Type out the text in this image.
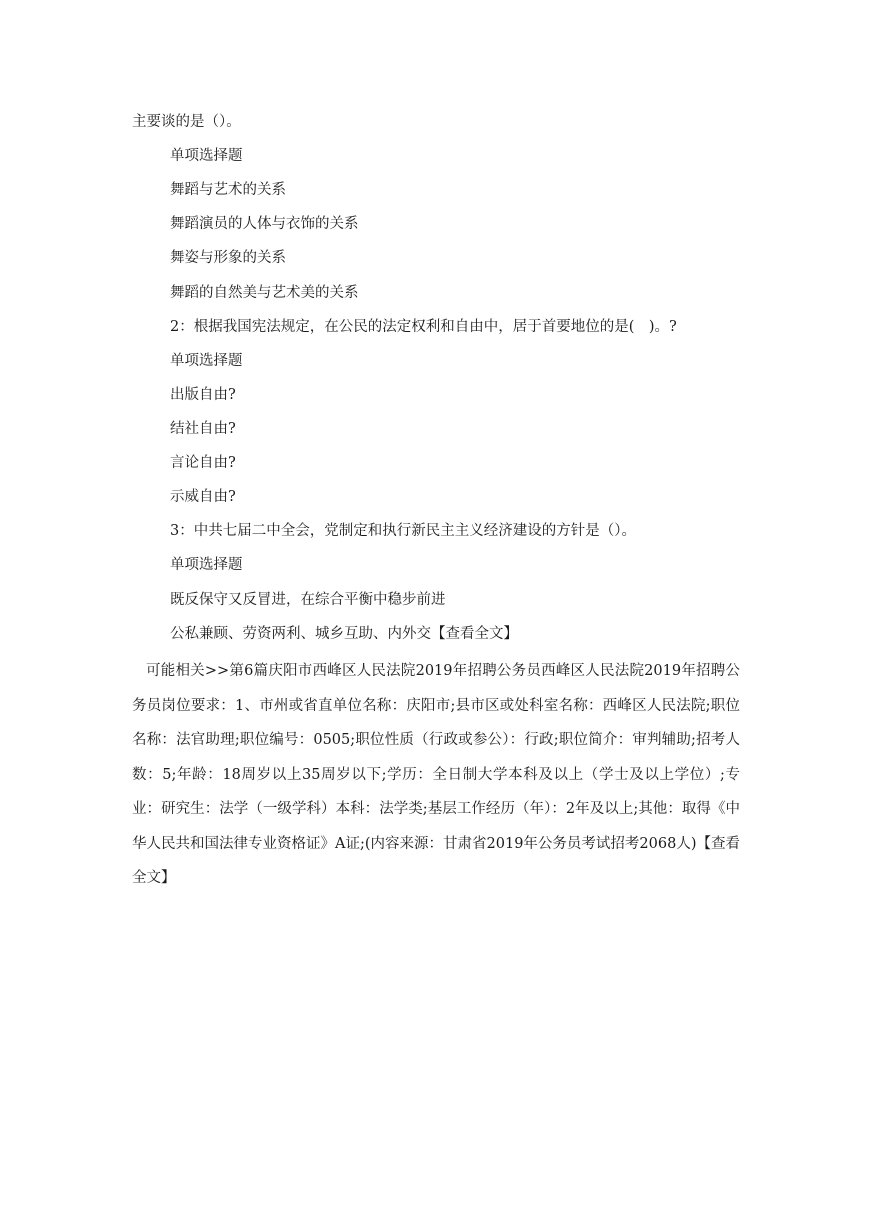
主要谈的是（）。
单项选择题
舞蹈与艺术的关系
舞蹈演员的人体与衣饰的关系
舞姿与形象的关系
舞蹈的自然美与艺术美的关系
2：根据我国宪法规定，在公民的法定权利和自由中，居于首要地位的是(　)。?
单项选择题
出版自由?
结社自由?
言论自由?
示威自由?
3：中共七届二中全会，党制定和执行新民主主义经济建设的方针是（）。
单项选择题
既反保守又反冒进，在综合平衡中稳步前进
公私兼顾、劳资两利、城乡互助、内外交【查看全文】
可能相关>>第6篇庆阳市西峰区人民法院2019年招聘公务员西峰区人民法院2019年招聘公务员岗位要求：1、市州或省直单位名称：庆阳市;县市区或处科室名称：西峰区人民法院;职位名称：法官助理;职位编号：0505;职位性质（行政或参公）：行政;职位简介：审判辅助;招考人数：5;年龄：18周岁以上35周岁以下;学历：全日制大学本科及以上（学士及以上学位）;专业：研究生：法学（一级学科）本科：法学类;基层工作经历（年）：2年及以上;其他：取得《中华人民共和国法律专业资格证》A证;(内容来源：甘肃省2019年公务员考试招考2068人)【查看全文】
